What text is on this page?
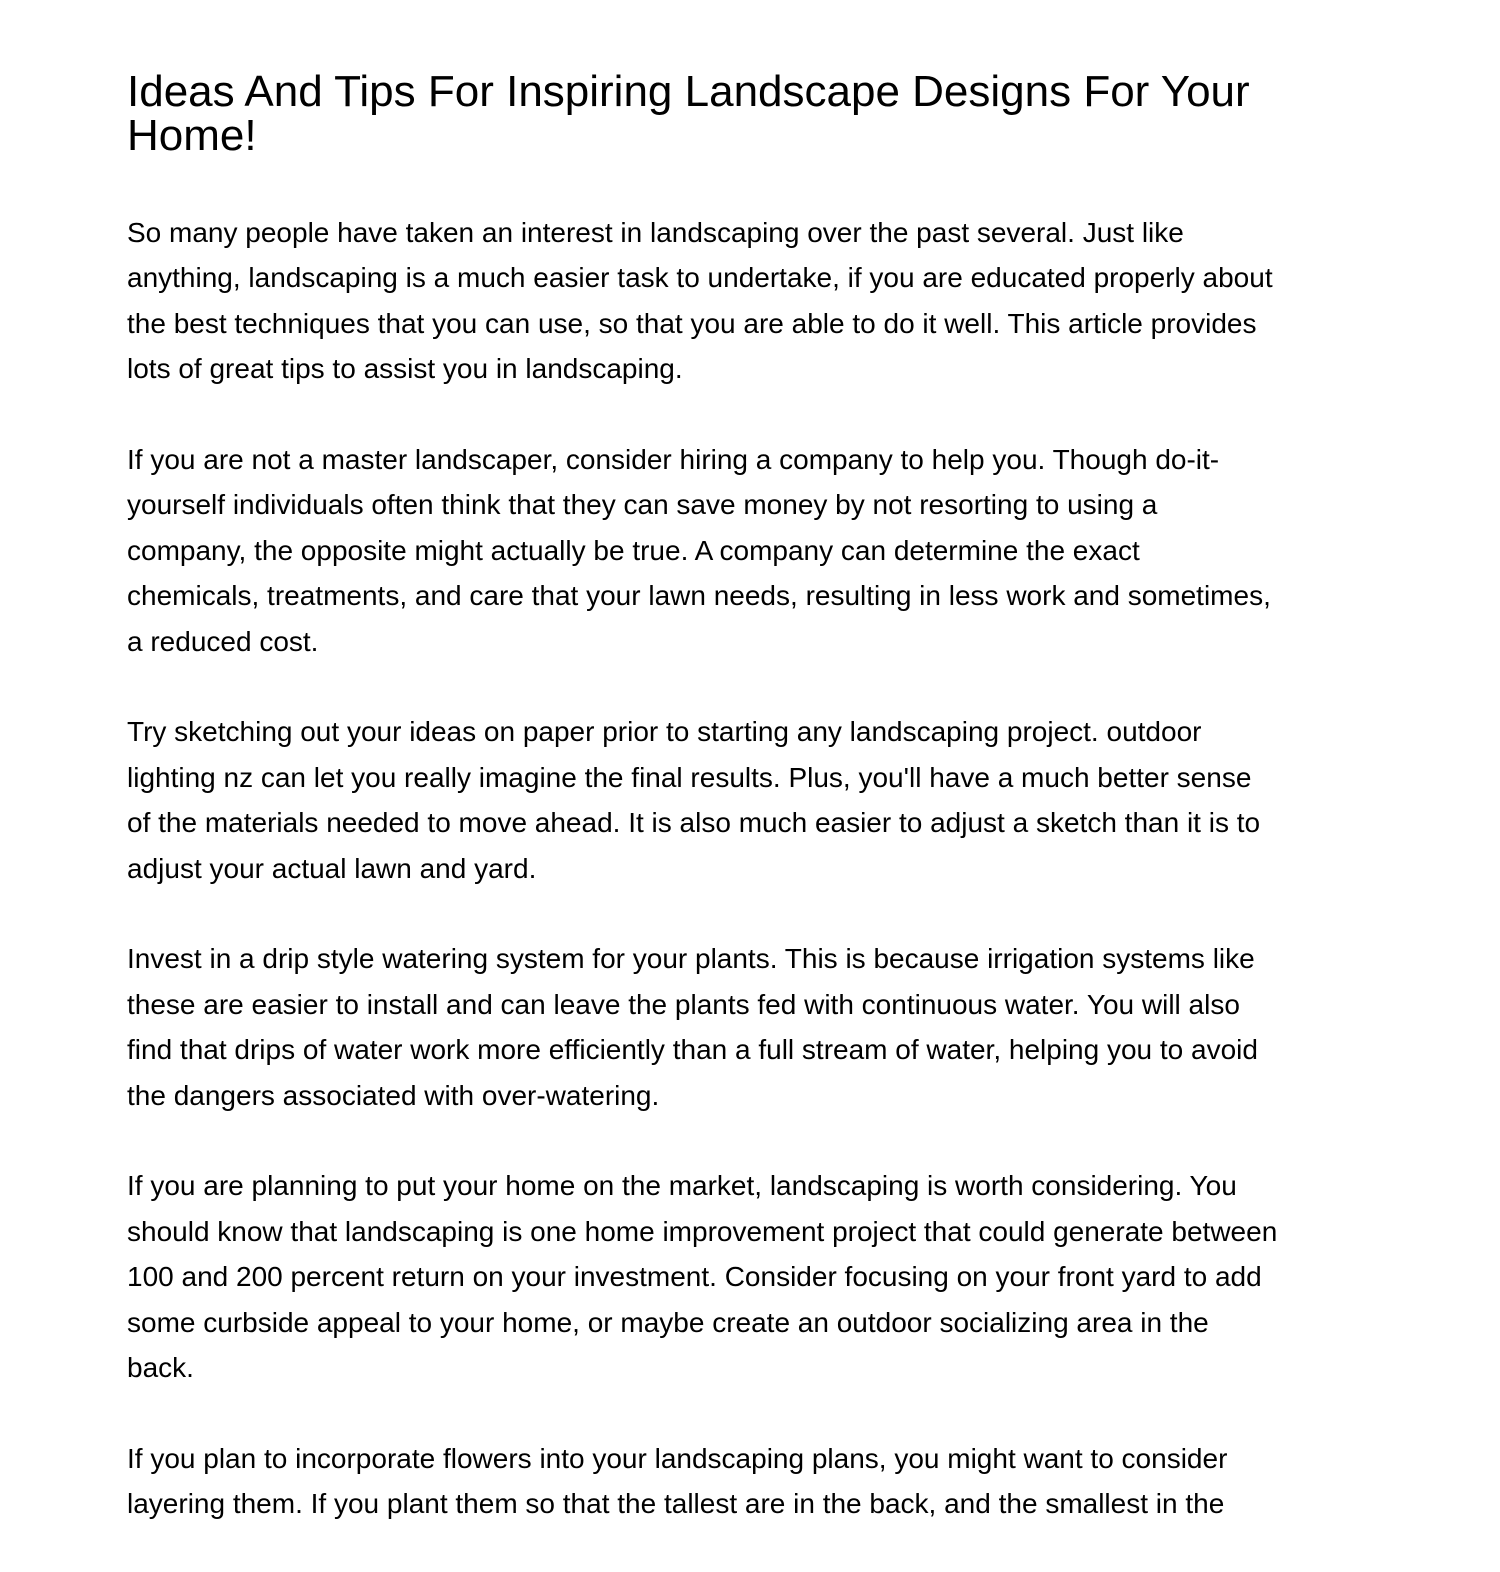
Ideas And Tips For Inspiring Landscape Designs For Your
Home!

So many people have taken an interest in landscaping over the past several. Just like
anything, landscaping is a much easier task to undertake, if you are educated properly about
the best techniques that you can use, so that you are able to do it well. This article provides
lots of great tips to assist you in landscaping.

If you are not a master landscaper, consider hiring a company to help you. Though do-it-
yourself individuals often think that they can save money by not resorting to using a
company, the opposite might actually be true. A company can determine the exact
chemicals, treatments, and care that your lawn needs, resulting in less work and sometimes,
a reduced cost.

Try sketching out your ideas on paper prior to starting any landscaping project. outdoor
lighting nz can let you really imagine the final results. Plus, you'll have a much better sense
of the materials needed to move ahead. It is also much easier to adjust a sketch than it is to
adjust your actual lawn and yard.

Invest in a drip style watering system for your plants. This is because irrigation systems like
these are easier to install and can leave the plants fed with continuous water. You will also
find that drips of water work more efficiently than a full stream of water, helping you to avoid
the dangers associated with over-watering.

If you are planning to put your home on the market, landscaping is worth considering. You
should know that landscaping is one home improvement project that could generate between
100 and 200 percent return on your investment. Consider focusing on your front yard to add
some curbside appeal to your home, or maybe create an outdoor socializing area in the
back.

If you plan to incorporate flowers into your landscaping plans, you might want to consider
layering them. If you plant them so that the tallest are in the back, and the smallest in the
